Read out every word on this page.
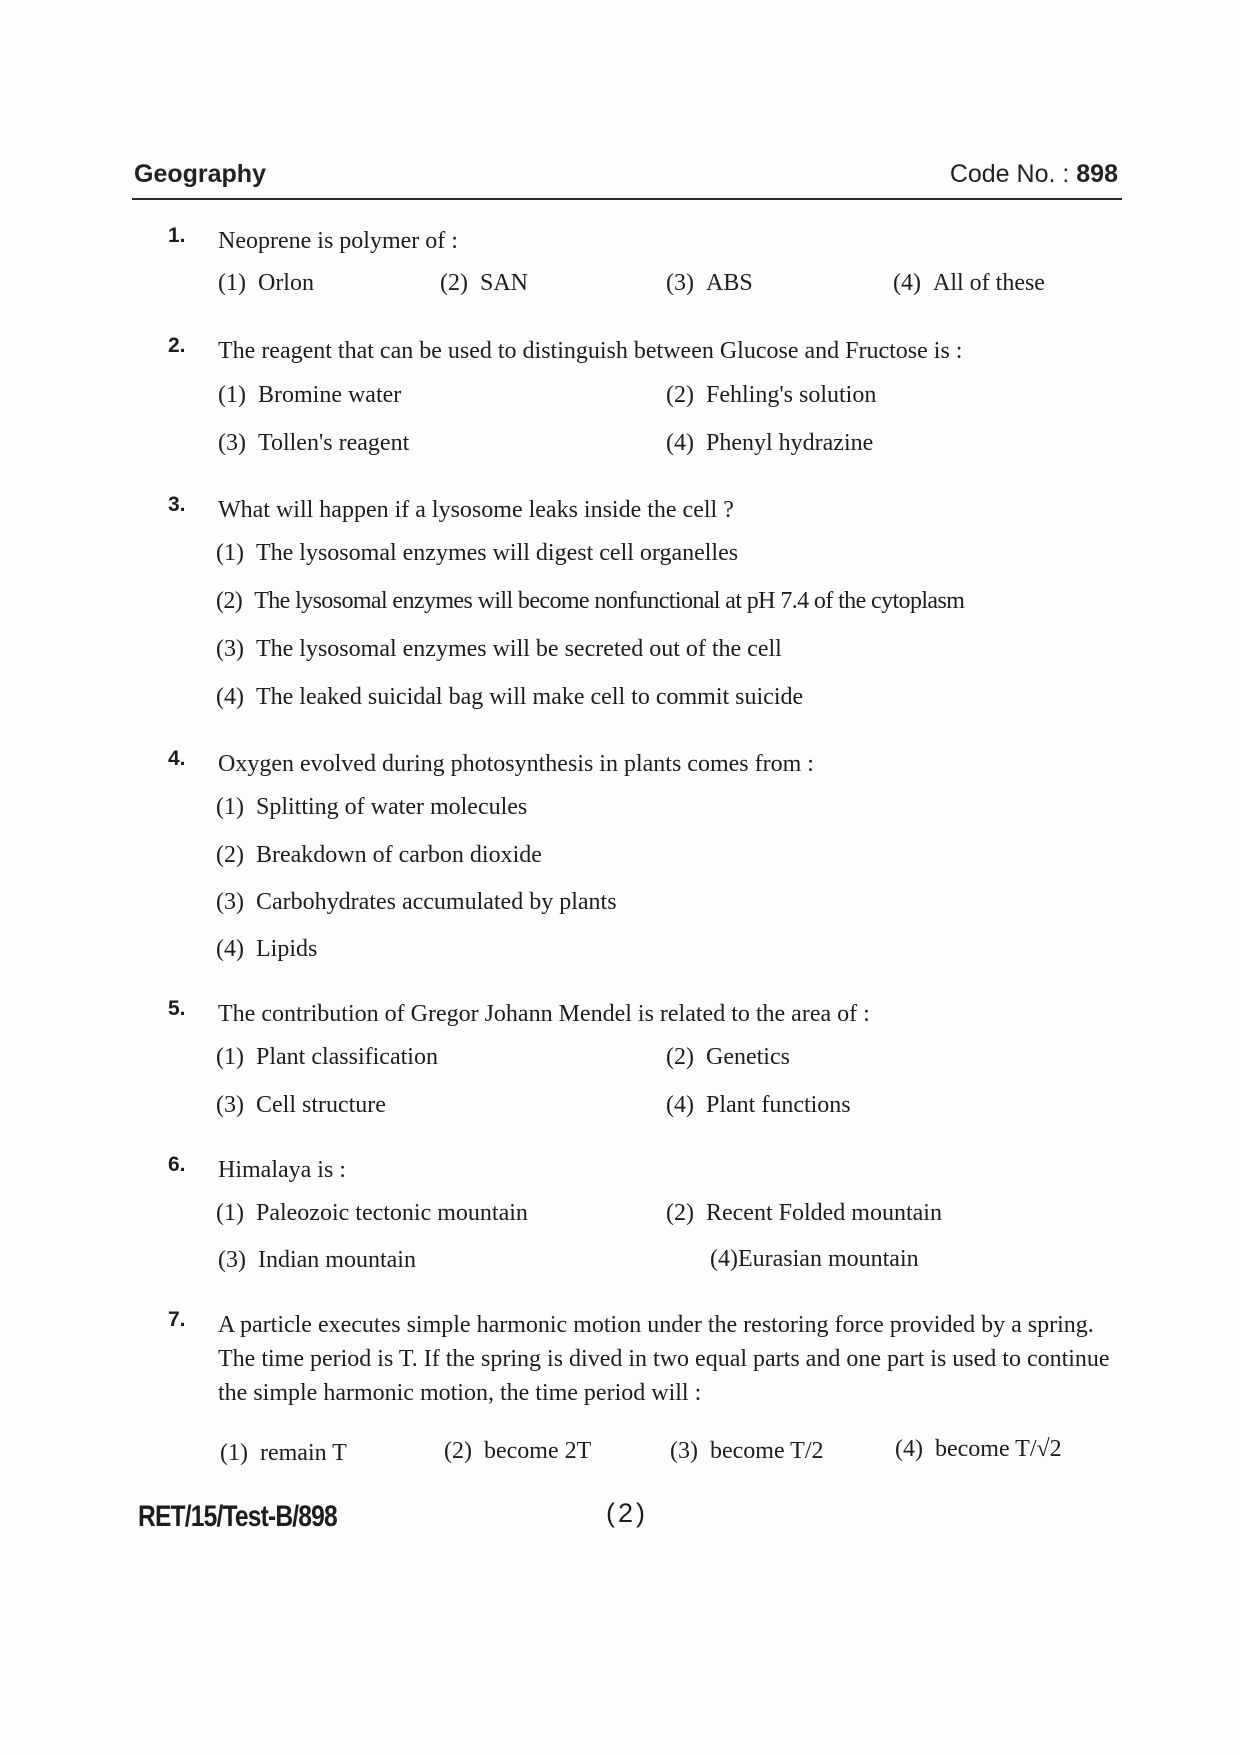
Geography	Code No. : 898
1. Neoprene is polymer of :
(1) Orlon	(2) SAN	(3) ABS	(4) All of these
2. The reagent that can be used to distinguish between Glucose and Fructose is :
(1) Bromine water	(2) Fehling's solution
(3) Tollen's reagent	(4) Phenyl hydrazine
3. What will happen if a lysosome leaks inside the cell ?
(1) The lysosomal enzymes will digest cell organelles
(2) The lysosomal enzymes will become nonfunctional at pH 7.4 of the cytoplasm
(3) The lysosomal enzymes will be secreted out of the cell
(4) The leaked suicidal bag will make cell to commit suicide
4. Oxygen evolved during photosynthesis in plants comes from :
(1) Splitting of water molecules
(2) Breakdown of carbon dioxide
(3) Carbohydrates accumulated by plants
(4) Lipids
5. The contribution of Gregor Johann Mendel is related to the area of :
(1) Plant classification	(2) Genetics
(3) Cell structure	(4) Plant functions
6. Himalaya is :
(1) Paleozoic tectonic mountain	(2) Recent Folded mountain
(3) Indian mountain	(4)Eurasian mountain
7. A particle executes simple harmonic motion under the restoring force provided by a spring. The time period is T. If the spring is dived in two equal parts and one part is used to continue the simple harmonic motion, the time period will :
(1) remain T	(2) become 2T	(3) become T/2	(4) become T/√2
RET/15/Test-B/898	(2)
